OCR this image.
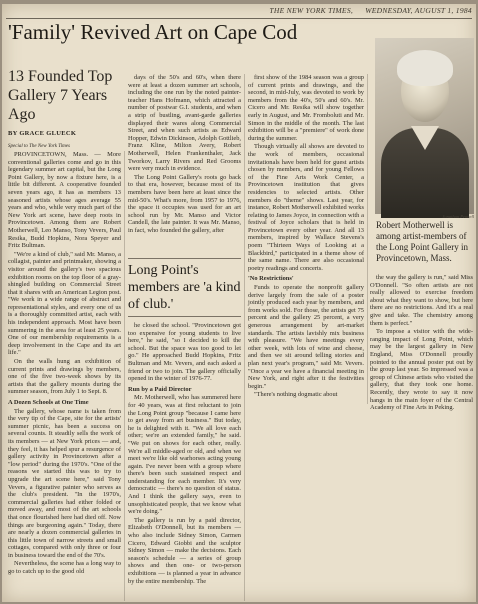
THE NEW YORK TIMES, WEDNESDAY, AUGUST 1, 1984
'Family' Revived Art on Cape Cod
13 Founded Top Gallery 7 Years Ago
BY GRACE GLUECK
Special to The New York Times

PROVINCETOWN, Mass. — More conventional galleries come and go in this legendary summer art capital, but the Long Point Gallery, by now a fixture here, is a little bit different. A cooperative founded seven years ago, it has as members 13 seasoned artists whose ages average 55 years and who, while very much part of the New York art scene, have deep roots in Provincetown. Among them are Robert Motherwell, Leo Manso, Tony Vevers, Paul Resika, Budd Hopkins, Nora Speyer and Fritz Bultman.

"We're a kind of club," said Mr. Manso, a collagist, painter and printmaker, showing a visitor around the gallery's two spacious exhibition rooms on the top floor of a gray-shingled building on Commercial Street that it shares with an American Legion post. "We work in a wide range of abstract and representational styles, and every one of us is a thoroughly committed artist, each with his independent approach. Most have been summering in the area for at least 25 years. One of our membership requirements is a deep involvement in the Cape and its art life."

On the walls hung an exhibition of current prints and drawings by members, one of the five two-week shows by its artists that the gallery mounts during the summer season, from July 1 to Sept. 8.

A Dozen Schools at One Time

The gallery, whose name is taken from the very tip of the Cape, site for the artists' summer picnic, has been a success on several counts. It steadily sells the work of its members — at New York prices — and, they feel, it has helped spur a resurgence of gallery activity in Provincetown after a "low period" during the 1970's. "One of the reasons we started this was to try to upgrade the art scene here," said Tony Vevers, a figurative painter who serves as the club's president. "In the 1970's, commercial galleries had either folded or moved away, and most of the art schools that once flourished here had died off. Now things are burgeoning again." Today, there are nearly a dozen commercial galleries in this little town of narrow streets and small cottages, compared with only three or four in business toward the end of the 70's.

Nevertheless, the scene has a long way to go to catch up to the good old

days of the 50's and 60's, when there were at least a dozen summer art schools, including the one run by the noted painter-teacher Hans Hofmann, which attracted a number of postwar G.I. students, and when a strip of bustling, avant-garde galleries displayed their wares along Commercial Street, and when such artists as Edward Hopper, Edwin Dickinson, Adolph Gottlieb, Franz Kline, Milton Avery, Robert Motherwell, Helen Frankenthaler, Jack Tworkov, Larry Rivers and Red Grooms were very much in evidence.

The Long Point Gallery's roots go back to that era, however, because most of its members have been here at least since the mid-50's. What's more, from 1957 to 1976, the space it occupies was used for an art school run by Mr. Manso and Victor Candell, the late painter. It was Mr. Manso, in fact, who founded the gallery, after

Long Point's members are 'a kind of club.'

he closed the school. "Provincetown got too expensive for young students to live here," he said, "so I decided to kill the school. But the space was too good to let go." He approached Budd Hopkins, Fritz Bultman and Mr. Vevers, and each asked a friend or two to join. The gallery officially opened in the winter of 1976-77.

Run by a Paid Director

Mr. Motherwell, who has summered here for 40 years, was at first reluctant to join the Long Point group "because I came here to get away from art business." But today, he is delighted with it. "We all love each other; we're an extended family," he said. "We put on shows for each other, really. We're all middle-aged or old, and when we meet we're like old warhorses acting young again. I've never been with a group where there's been such sustained respect and understanding for each member. It's very democratic — there's no question of status. And I think the gallery says, even to unsophisticated people, that we know what we're doing."

The gallery is run by a paid director, Elizabeth O'Donnell, but its members — who also include Sidney Simon, Carmen Cicero, Edward Giobbi and the sculptor Sidney Simon — make the decisions. Each season's schedule — a series of group shows and then one- or two-person exhibitions — is planned a year in advance by the entire membership. The

first show of the 1984 season was a group of current prints and drawings, and the second, in mid-July, was devoted to work by members from the 40's, 50's and 60's. Mr. Cicero and Mr. Resika will show together early in August, and Mr. Fromboluti and Mr. Simon in the middle of the month. The last exhibition will be a "premiere" of work done during the summer.

Though virtually all shows are devoted to the work of members, occasional invitationals have been held for guest artists chosen by members, and for young Fellows of the Fine Arts Work Center, a Provincetown institution that gives residencies to selected artists. Other members do "theme" shows. Last year, for instance, Robert Motherwell exhibited works relating to James Joyce, in connection with a festival of Joyce scholars that is held in Provincetown every other year. And all 13 members, inspired by Wallace Stevens's poem "Thirteen Ways of Looking at a Blackbird," participated in a theme show of the same name. There are also occasional poetry readings and concerts.

'No Restrictions'

Funds to operate the nonprofit gallery derive largely from the sale of a poster jointly produced each year by members, and from works sold. For those, the artists get 75 percent and the gallery 25 percent, a very generous arrangement by art-market standards. The artists lavishly mix business with pleasure. "We have meetings every other week, with lots of wine and cheese, and then we sit around telling stories and plan next year's program," said Mr. Vevers. "Once a year we have a financial meeting in New York, and right after it the festivities begin."

"There's nothing dogmatic about

Jonathan Pennell
Robert Motherwell is among artist-members of the Long Point Gallery in Provincetown, Mass.

the way the gallery is run," said Miss O'Donnell. "So often artists are not really allowed to exercise freedom about what they want to show, but here there are no restrictions. And it's a real give and take. The chemistry among them is perfect."

To impose a visitor with the wide-ranging impact of Long Point, which may be the largest gallery in New England, Miss O'Donnell proudly pointed to the annual poster put out by the group last year. So impressed was a group of Chinese artists who visited the gallery, that they took one home. Recently, they wrote to say it now hangs in the main foyer of the Central Academy of Fine Arts in Peking.
